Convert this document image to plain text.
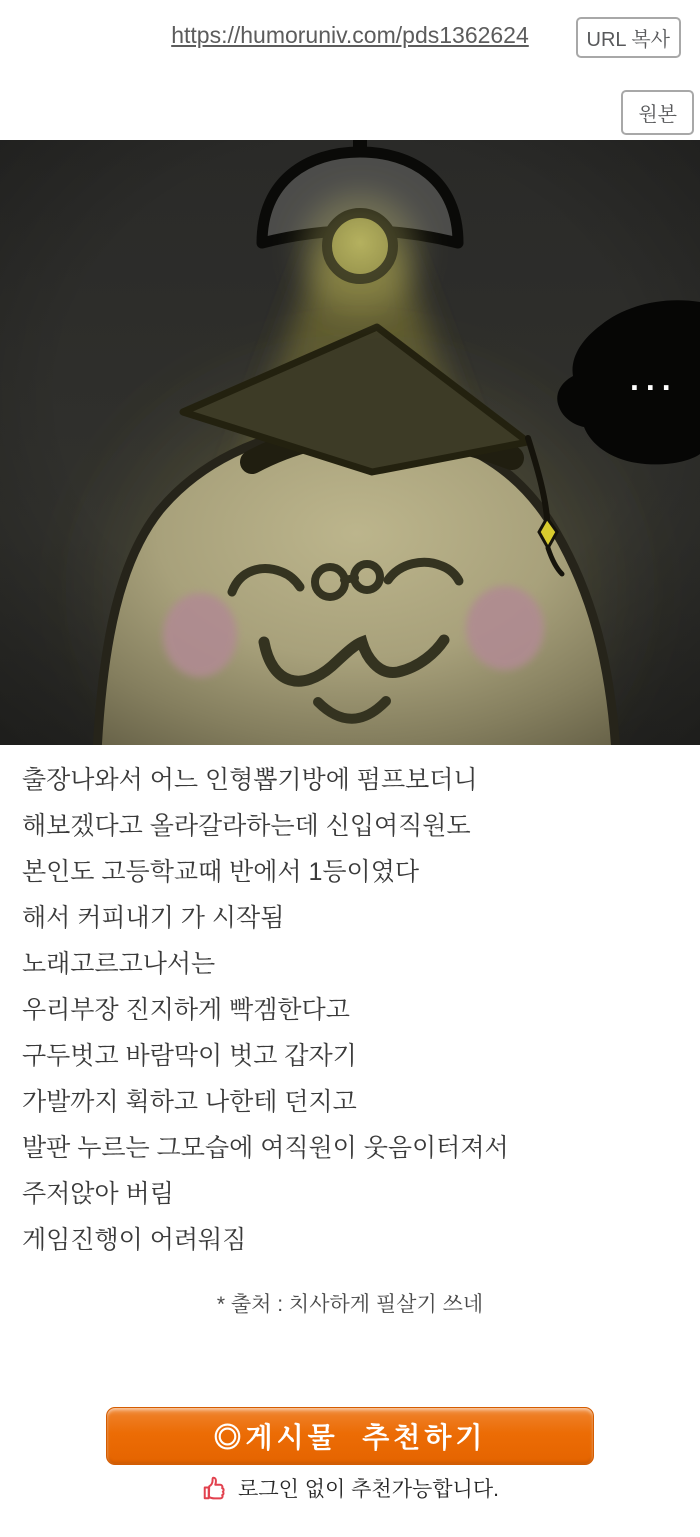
https://humoruniv.com/pds1362624	URL 복사
원본
...
출장나와서 어느 인형뽑기방에 펌프보더니
해보겠다고 올라갈라하는데 신입여직원도
본인도 고등학교때 반에서 1등이였다
해서 커피내기 가 시작됨
노래고르고나서는
우리부장 진지하게 빡겜한다고
구두벗고 바람막이 벗고 갑자기
가발까지 휙하고 나한테 던지고
발판 누르는 그모습에 여직원이 웃음이터져서
주저앉아 버림
게임진행이 어려워짐
* 출처 : 치사하게 필살기 쓰네
◎게시물  추천하기
로그인 없이 추천가능합니다.
